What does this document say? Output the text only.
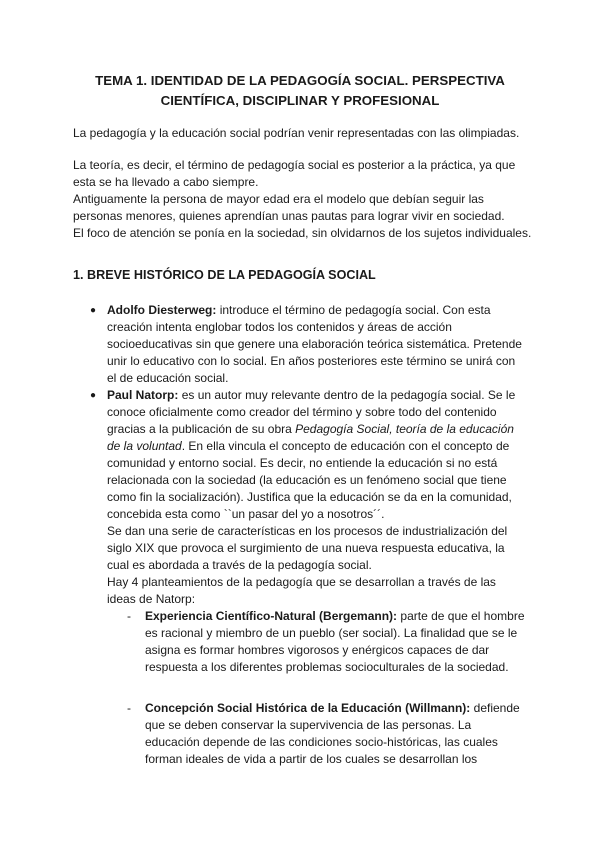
TEMA 1. IDENTIDAD DE LA PEDAGOGÍA SOCIAL. PERSPECTIVA CIENTÍFICA, DISCIPLINAR Y PROFESIONAL
La pedagogía y la educación social podrían venir representadas con las olimpiadas.
La teoría, es decir, el término de pedagogía social es posterior a la práctica, ya que esta se ha llevado a cabo siempre.
Antiguamente la persona de mayor edad era el modelo que debían seguir las personas menores, quienes aprendían unas pautas para lograr vivir en sociedad.
El foco de atención se ponía en la sociedad, sin olvidarnos de los sujetos individuales.
1. BREVE HISTÓRICO DE LA PEDAGOGÍA SOCIAL
● Adolfo Diesterweg: introduce el término de pedagogía social. Con esta creación intenta englobar todos los contenidos y áreas de acción socioeducativas sin que genere una elaboración teórica sistemática. Pretende unir lo educativo con lo social. En años posteriores este término se unirá con el de educación social.
● Paul Natorp: es un autor muy relevante dentro de la pedagogía social. Se le conoce oficialmente como creador del término y sobre todo del contenido gracias a la publicación de su obra Pedagogía Social, teoría de la educación de la voluntad. En ella vincula el concepto de educación con el concepto de comunidad y entorno social. Es decir, no entiende la educación si no está relacionada con la sociedad (la educación es un fenómeno social que tiene como fin la socialización). Justifica que la educación se da en la comunidad, concebida esta como ``un pasar del yo a nosotros´´.
Se dan una serie de características en los procesos de industrialización del siglo XIX que provoca el surgimiento de una nueva respuesta educativa, la cual es abordada a través de la pedagogía social.
Hay 4 planteamientos de la pedagogía que se desarrollan a través de las ideas de Natorp:
- Experiencia Científico-Natural (Bergemann): parte de que el hombre es racional y miembro de un pueblo (ser social). La finalidad que se le asigna es formar hombres vigorosos y enérgicos capaces de dar respuesta a los diferentes problemas socioculturales de la sociedad.
- Concepción Social Histórica de la Educación (Willmann): defiende que se deben conservar la supervivencia de las personas. La educación depende de las condiciones socio-históricas, las cuales forman ideales de vida a partir de los cuales se desarrollan los
